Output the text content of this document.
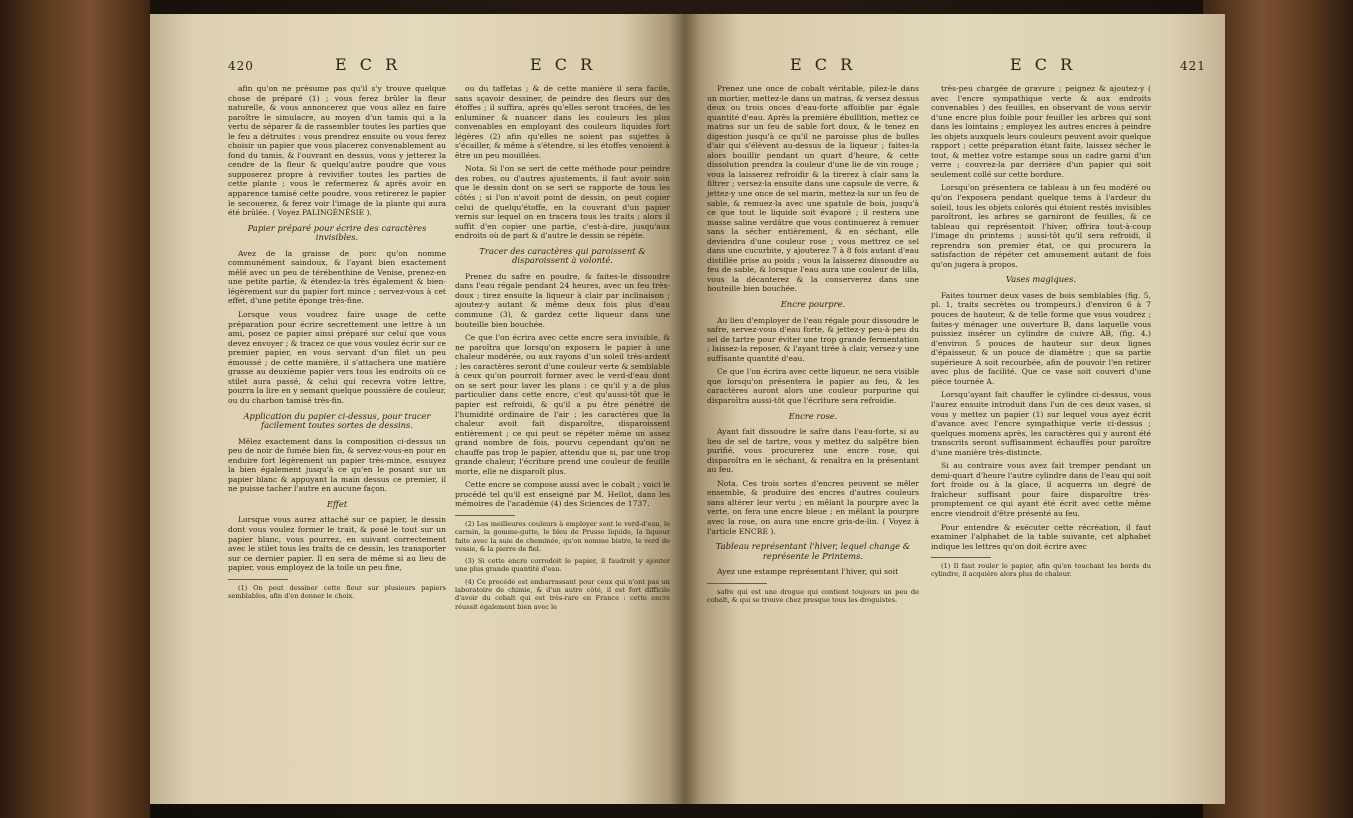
420	E C R	E C R

afin qu'on ne présume pas qu'il s'y trouve quelque chose de préparé (1) ; vous ferez brûler la fleur naturelle, & vous annoncerez que vous allez en faire paroître le simulacre, au moyen d'un tamis qui a la vertu de séparer & de rassembler toutes les parties que le feu a détruites : vous prendrez ensuite ou vous ferez choisir un papier que vous placerez convenablement au fond du tamis, & l'ouvrant en dessus, vous y jetterez la cendre de la fleur & quelqu'autre poudre que vous supposerez propre à revivifier toutes les parties de cette plante ; vous le refermerez & après avoir en apparence tamisé cette poudre, vous retirerez le papier le secouerez, & ferez voir l'image de la plante qui aura été brûlée. ( Voyez PALINGÉNÉSIE ).

Papier préparé pour écrire des caractères invisibles.

Avez de la graisse de porc qu'on nomme communément saindoux, & l'ayant bien exactement mêlé avec un peu de térébenthine de Venise, prenez-en une petite partie, & étendez-la très également & bien-légèrement sur du papier fort mince ; servez-vous à cet effet, d'une petite éponge très-fine.

Lorsque vous voudrez faire usage de cette préparation pour écrire secrettement une lettre à un ami, posez ce papier ainsi préparé sur celui que vous devez envoyer ; & tracez ce que vous voulez écrir sur ce premier papier, en vous servant d'un filet un peu émoussé ; de cette manière, il s'attachera une matière grasse au deuxième papier vers tous les endroits où ce stilet aura passé, & celui qui recevra votre lettre, pourra la lire en y semant quelque poussière de couleur, ou du charbon tamisé très-fin.

Application du papier ci-dessus, pour tracer facilement toutes sortes de dessins.

Mêlez exactement dans la composition ci-dessus un peu de noir de fumée bien fin, & servez-vous-en pour en enduire fort légèrement un papier très-mince, essuyez la bien également jusqu'à ce qu'en le posant sur un papier blanc & appuyant la main dessus ce premier, il ne puisse tacher l'autre en aucune façon.

Effet

Lorsque vous aurez attaché sur ce papier, le dessin dont vous voulez former le trait, & posé le tout sur un papier blanc, vous pourrez, en suivant correctement avec le stilet tous les traits de ce dessin, les transporter sur ce dernier papier. Il en sera de même si au lieu de papier, vous employez de la toile un peu fine,

(1) On peut dessiner cette fleur sur plusieurs papiers semblables, afin d'en donner le choix.

ou du taffetas ; & de cette manière il sera facile, sans sçavoir dessiner, de peindre des fleurs sur des étoffes ; il suffira, après qu'elles seront tracées, de les enluminer & nuancer dans les couleurs les plus convenables en employant des couleurs liquides fort légères (2) afin qu'elles ne soient pas sujettes à s'écailler, & même à s'étendre, si les étoffes venoient à être un peu mouillées.

Nota. Si l'on se sert de cette méthode pour peindre des robes, ou d'autres ajustements, il faut avoir soin que le dessin dont on se sert se rapporte de tous les côtés ; si l'on n'avoit point de dessin, on peut copier celui de quelqu'étoffe, en la couvrant d'un papier vernis sur lequel on en tracera tous les traits ; alors il suffit d'en copier une partie, c'est-à-dire, jusqu'aux endroits où de part & d'autre le dessin se répète.

Tracer des caractères qui paroissent & disparoissent à volonté.

Prenez du safre en poudre, & faites-le dissoudre dans l'eau régale pendant 24 heures, avec un feu très-doux ; tirez ensuite la liqueur à clair par inclinaison ; ajoutez-y autant & même deux fois plus d'eau commune (3), & gardez cette liqueur dans une bouteille bien bouchée.

Ce que l'on écrira avec cette encre sera invisible, & ne paroîtra que lorsqu'on exposera le papier à une chaleur modérée, ou aux rayons d'un soleil très-ardent ; les caractères seront d'une couleur verte & semblable à ceux qu'on pourroit former avec le verd-d'eau dont on se sert pour laver les plans : ce qu'il y a de plus particulier dans cette encre, c'est qu'aussi-tôt que le papier est refroidi, & qu'il a pu être pénétré de l'humidité ordinaire de l'air ; les caractères que la chaleur avoit fait disparoître, disparoissent entièrement ; ce qui peut se répéter même un assez grand nombre de fois, pourvu cependant qu'on ne chauffe pas trop le papier, attendu que si, par une trop grande chaleur, l'écriture prend une couleur de feuille morte, elle ne disparoît plus.

Cette encre se compose aussi avec le cobalt ; voici le procédé tel qu'il est enseigné par M. Hellot, dans les mémoires de l'académie (4) des Sciences de 1737.

(2) Les meilleures couleurs à employer sont le verd-d'eau, le carmin, la gomme-gutte, le bleu de Prusse liquide, la liqueur faite avec la suie de cheminée, qu'on nomme bistre, le verd de vessie, & la pierre de fiel.

(3) Si cette encre corrodoit le papier, il faudroit y ajouter une plus grande quantité d'eau.

(4) Ce procédé est embarrassant pour ceux qui n'ont pas un laboratoire de chimie, & d'un autre côté, il est fort difficile d'avoir du cobalt qui est très-rare en France : cette encre réussit également bien avec le

E C R	E C R	421

Prenez une once de cobalt véritable, pilez-le dans un mortier, mettez-le dans un matras, & versez dessus deux ou trois onces d'eau-forte affoiblie par égale quantité d'eau. Après la première ébullition, mettez ce matras sur un feu de sable fort doux, & le tenez en digestion jusqu'à ce qu'il ne paroisse plus de bulles d'air qui s'élèvent au-dessus de la liqueur ; faites-la alors bouillir pendant un quart d'heure, & cette dissolution prendra la couleur d'une lie de vin rouge ; vous la laisserez refroidir & la tirerez à clair sans la filtrer ; versez-la ensuite dans une capsule de verre, & jettez-y une once de sel marin, mettez-la sur un feu de sable, & remuez-la avec une spatule de bois, jusqu'à ce que tout le liquide soit évaporé ; il restera une masse saline verdâtre que vous continuerez à remuer sans la sécher entièrement, & en séchant, elle deviendra d'une couleur rose ; vous mettrez ce sel dans une cucurbite, y ajouterez 7 à 8 fois autant d'eau distillée prise au poids ; vous la laisserez dissoudre au feu de sable, & lorsque l'eau aura une couleur de lilla, vous la décanterez & la conserverez dans une bouteille bien bouchée.

Encre pourpre.

Au lieu d'employer de l'eau régale pour dissoudre le safre, servez-vous d'eau forte, & jettez-y peu-à-peu du sel de tartre pour éviter une trop grande fermentation ; laissez-la reposer, & l'ayant tirée à clair, versez-y une suffisante quantité d'eau.

Ce que l'on écrira avec cette liqueur, ne sera visible que lorsqu'on présentera le papier au feu, & les caractères auront alors une couleur purpurine qui disparoîtra aussi-tôt que l'écriture sera refroidie.

Encre rose.

Ayant fait dissoudre le safre dans l'eau-forte, si au lieu de sel de tartre, vous y mettez du salpêtre bien purifié, vous procurerez une encre rose, qui disparoîtra en le séchant, & renaîtra en la présentant au feu.

Nota. Ces trois sortes d'encres peuvent se mêler ensemble, & produire des encres d'autres couleurs sans altérer leur vertu ; en mêlant la pourpre avec la verte, on fera une encre bleue ; en mêlant la pourpre avec la rose, on aura une encre gris-de-lin. ( Voyez à l'article ENCRE ).

Tableau représentant l'hiver, lequel change & représente le Printems.

Ayez une estampe représentant l'hiver, qui soit

safre qui est une drogue qui contient toujours un peu de cobalt, & qui se trouve chez presque tous les droguistes.

très-peu chargée de gravure ; peignez & ajoutez-y ( avec l'encre sympathique verte & aux endroits convenables ) des feuilles, en observant de vous servir d'une encre plus foible pour feuiller les arbres qui sont dans les lointains ; employez les autres encres à peindre les objets auxquels leurs couleurs peuvent avoir quelque rapport ; cette préparation étant faite, laissez sécher le tout, & mettez votre estampe sous un cadre garni d'un verre ; couvrez-la par derrière d'un papier qui soit seulement collé sur cette bordure.

Lorsqu'on présentera ce tableau à un feu modéré ou qu'on l'exposera pendant quelque tems à l'ardeur du soleil, tous les objets colorés qui étoient restés invisibles paroîtront, les arbres se garniront de feuilles, & ce tableau qui représentoit l'hiver, offrira tout-à-coup l'image du printems ; aussi-tôt qu'il sera refroidi, il reprendra son premier état, ce qui procurera la satisfaction de répéter cet amusement autant de fois qu'on jugera à propos.

Vases magiques.

Faites tourner deux vases de bois semblables (fig. 5, pl. 1, traits secrètes ou trompeurs.) d'environ 6 à 7 pouces de hauteur, & de telle forme que vous voudrez ; faites-y ménager une ouverture B, dans laquelle vous puissiez insérer un cylindre de cuivre AB, (fig. 4.) d'environ 5 pouces de hauteur sur deux lignes d'épaisseur, & un pouce de diamètre ; que sa partie supérieure A soit recourbée, afin de pouvoir l'en retirer avec plus de facilité. Que ce vase soit couvert d'une pièce tournée A.

Lorsqu'ayant fait chauffer le cylindre ci-dessus, vous l'aurez ensuite introduit dans l'un de ces deux vases, si vous y mettez un papier (1) sur lequel vous ayez écrit d'avance avec l'encre sympathique verte ci-dessus ; quelques momens après, les caractères qui y auront été transcrits seront suffisamment échauffés pour paroître d'une manière très-distincte.

Si au contraire vous avez fait tremper pendant un demi-quart d'heure l'autre cylindre dans de l'eau qui soit fort froide ou à la glace, il acquerra un degré de fraîcheur suffisant pour faire disparoître très-promptement ce qui ayant été écrit avec cette même encre viendroit d'être présenté au feu.

Pour entendre & exécuter cette récréation, il faut examiner l'alphabet de la table suivante, cet alphabet indique les lettres qu'on doit écrire avec

(1) Il faut rouler le papier, afin qu'en touchant les bords du cylindre, il acquière alors plus de chaleur.
